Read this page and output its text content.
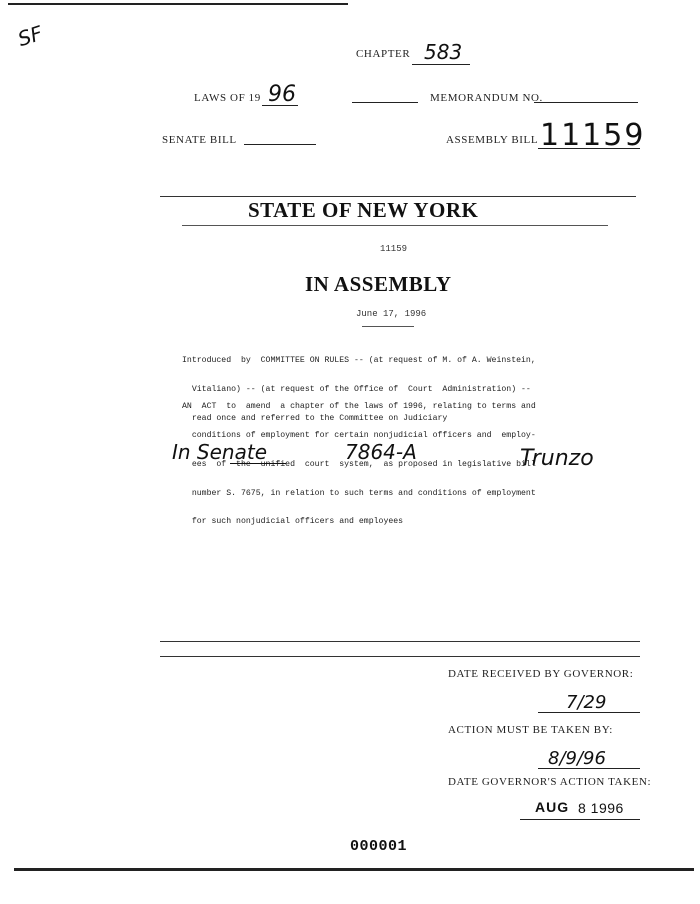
SF
CHAPTER 583
LAWS OF 19 96	MEMORANDUM NO.
SENATE BILL	ASSEMBLY BILL 11159
STATE OF NEW YORK
11159
IN ASSEMBLY
June 17, 1996

Introduced  by  COMMITTEE ON RULES -- (at request of M. of A. Weinstein,

Vitaliano) -- (at request of the Office of  Court  Administration) --

read once and referred to the Committee on Judiciary

AN  ACT  to  amend  a chapter of the laws of 1996, relating to terms and

conditions of employment for certain nonjudicial officers and  employ-

ees  of  the  unified  court  system,  as proposed in legislative bill

number S. 7675, in relation to such terms and conditions of employment

for such nonjudicial officers and employees

In Senate	7864-A	Trunzo
DATE RECEIVED BY GOVERNOR:
7/29
ACTION MUST BE TAKEN BY:
8/9/96
DATE GOVERNOR'S ACTION TAKEN:
AUG 8 1996
000001
